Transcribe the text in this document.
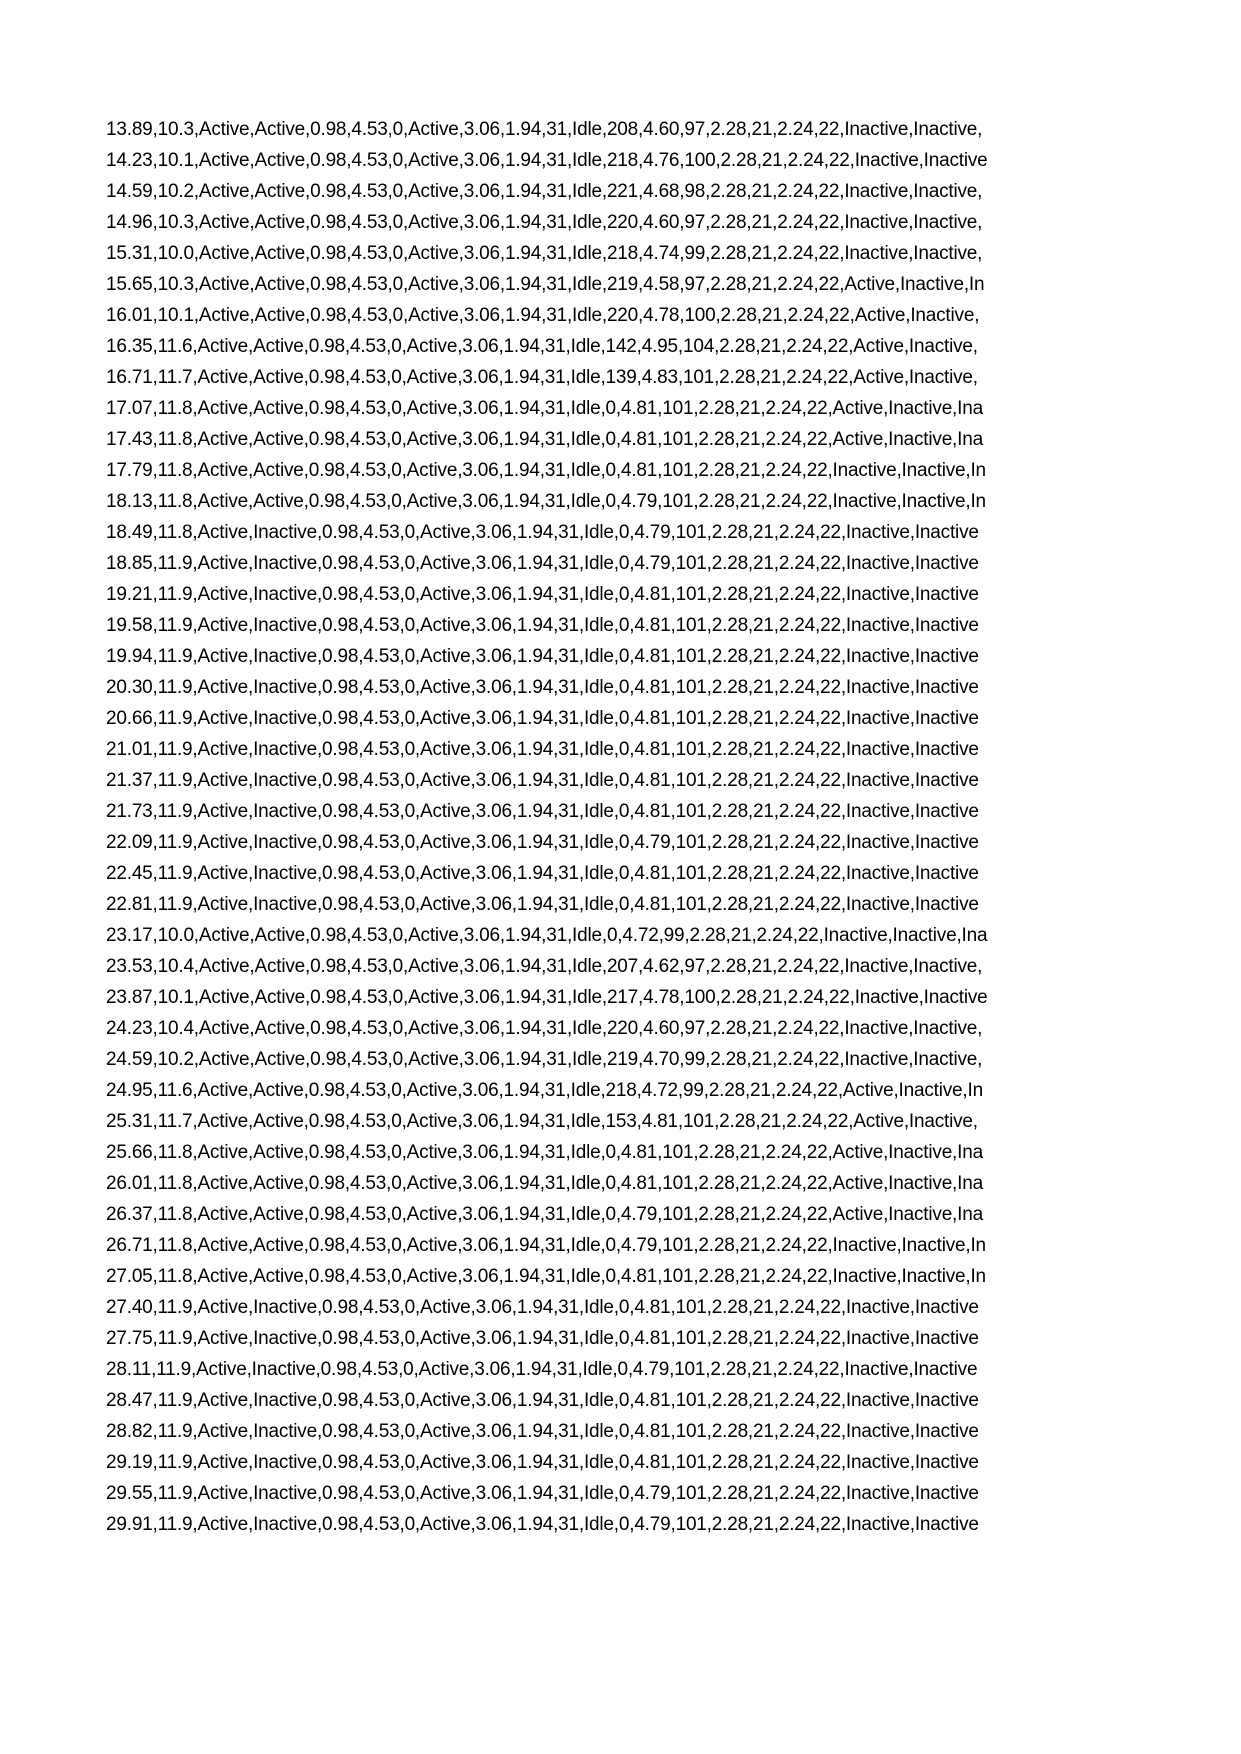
13.89,10.3,Active,Active,0.98,4.53,0,Active,3.06,1.94,31,Idle,208,4.60,97,2.28,21,2.24,22,Inactive,Inactive,
14.23,10.1,Active,Active,0.98,4.53,0,Active,3.06,1.94,31,Idle,218,4.76,100,2.28,21,2.24,22,Inactive,Inactive
14.59,10.2,Active,Active,0.98,4.53,0,Active,3.06,1.94,31,Idle,221,4.68,98,2.28,21,2.24,22,Inactive,Inactive,
14.96,10.3,Active,Active,0.98,4.53,0,Active,3.06,1.94,31,Idle,220,4.60,97,2.28,21,2.24,22,Inactive,Inactive,
15.31,10.0,Active,Active,0.98,4.53,0,Active,3.06,1.94,31,Idle,218,4.74,99,2.28,21,2.24,22,Inactive,Inactive,
15.65,10.3,Active,Active,0.98,4.53,0,Active,3.06,1.94,31,Idle,219,4.58,97,2.28,21,2.24,22,Active,Inactive,In
16.01,10.1,Active,Active,0.98,4.53,0,Active,3.06,1.94,31,Idle,220,4.78,100,2.28,21,2.24,22,Active,Inactive,
16.35,11.6,Active,Active,0.98,4.53,0,Active,3.06,1.94,31,Idle,142,4.95,104,2.28,21,2.24,22,Active,Inactive,
16.71,11.7,Active,Active,0.98,4.53,0,Active,3.06,1.94,31,Idle,139,4.83,101,2.28,21,2.24,22,Active,Inactive,
17.07,11.8,Active,Active,0.98,4.53,0,Active,3.06,1.94,31,Idle,0,4.81,101,2.28,21,2.24,22,Active,Inactive,Ina
17.43,11.8,Active,Active,0.98,4.53,0,Active,3.06,1.94,31,Idle,0,4.81,101,2.28,21,2.24,22,Active,Inactive,Ina
17.79,11.8,Active,Active,0.98,4.53,0,Active,3.06,1.94,31,Idle,0,4.81,101,2.28,21,2.24,22,Inactive,Inactive,In
18.13,11.8,Active,Active,0.98,4.53,0,Active,3.06,1.94,31,Idle,0,4.79,101,2.28,21,2.24,22,Inactive,Inactive,In
18.49,11.8,Active,Inactive,0.98,4.53,0,Active,3.06,1.94,31,Idle,0,4.79,101,2.28,21,2.24,22,Inactive,Inactive
18.85,11.9,Active,Inactive,0.98,4.53,0,Active,3.06,1.94,31,Idle,0,4.79,101,2.28,21,2.24,22,Inactive,Inactive
19.21,11.9,Active,Inactive,0.98,4.53,0,Active,3.06,1.94,31,Idle,0,4.81,101,2.28,21,2.24,22,Inactive,Inactive
19.58,11.9,Active,Inactive,0.98,4.53,0,Active,3.06,1.94,31,Idle,0,4.81,101,2.28,21,2.24,22,Inactive,Inactive
19.94,11.9,Active,Inactive,0.98,4.53,0,Active,3.06,1.94,31,Idle,0,4.81,101,2.28,21,2.24,22,Inactive,Inactive
20.30,11.9,Active,Inactive,0.98,4.53,0,Active,3.06,1.94,31,Idle,0,4.81,101,2.28,21,2.24,22,Inactive,Inactive
20.66,11.9,Active,Inactive,0.98,4.53,0,Active,3.06,1.94,31,Idle,0,4.81,101,2.28,21,2.24,22,Inactive,Inactive
21.01,11.9,Active,Inactive,0.98,4.53,0,Active,3.06,1.94,31,Idle,0,4.81,101,2.28,21,2.24,22,Inactive,Inactive
21.37,11.9,Active,Inactive,0.98,4.53,0,Active,3.06,1.94,31,Idle,0,4.81,101,2.28,21,2.24,22,Inactive,Inactive
21.73,11.9,Active,Inactive,0.98,4.53,0,Active,3.06,1.94,31,Idle,0,4.81,101,2.28,21,2.24,22,Inactive,Inactive
22.09,11.9,Active,Inactive,0.98,4.53,0,Active,3.06,1.94,31,Idle,0,4.79,101,2.28,21,2.24,22,Inactive,Inactive
22.45,11.9,Active,Inactive,0.98,4.53,0,Active,3.06,1.94,31,Idle,0,4.81,101,2.28,21,2.24,22,Inactive,Inactive
22.81,11.9,Active,Inactive,0.98,4.53,0,Active,3.06,1.94,31,Idle,0,4.81,101,2.28,21,2.24,22,Inactive,Inactive
23.17,10.0,Active,Active,0.98,4.53,0,Active,3.06,1.94,31,Idle,0,4.72,99,2.28,21,2.24,22,Inactive,Inactive,Ina
23.53,10.4,Active,Active,0.98,4.53,0,Active,3.06,1.94,31,Idle,207,4.62,97,2.28,21,2.24,22,Inactive,Inactive,
23.87,10.1,Active,Active,0.98,4.53,0,Active,3.06,1.94,31,Idle,217,4.78,100,2.28,21,2.24,22,Inactive,Inactive
24.23,10.4,Active,Active,0.98,4.53,0,Active,3.06,1.94,31,Idle,220,4.60,97,2.28,21,2.24,22,Inactive,Inactive,
24.59,10.2,Active,Active,0.98,4.53,0,Active,3.06,1.94,31,Idle,219,4.70,99,2.28,21,2.24,22,Inactive,Inactive,
24.95,11.6,Active,Active,0.98,4.53,0,Active,3.06,1.94,31,Idle,218,4.72,99,2.28,21,2.24,22,Active,Inactive,In
25.31,11.7,Active,Active,0.98,4.53,0,Active,3.06,1.94,31,Idle,153,4.81,101,2.28,21,2.24,22,Active,Inactive,
25.66,11.8,Active,Active,0.98,4.53,0,Active,3.06,1.94,31,Idle,0,4.81,101,2.28,21,2.24,22,Active,Inactive,Ina
26.01,11.8,Active,Active,0.98,4.53,0,Active,3.06,1.94,31,Idle,0,4.81,101,2.28,21,2.24,22,Active,Inactive,Ina
26.37,11.8,Active,Active,0.98,4.53,0,Active,3.06,1.94,31,Idle,0,4.79,101,2.28,21,2.24,22,Active,Inactive,Ina
26.71,11.8,Active,Active,0.98,4.53,0,Active,3.06,1.94,31,Idle,0,4.79,101,2.28,21,2.24,22,Inactive,Inactive,In
27.05,11.8,Active,Active,0.98,4.53,0,Active,3.06,1.94,31,Idle,0,4.81,101,2.28,21,2.24,22,Inactive,Inactive,In
27.40,11.9,Active,Inactive,0.98,4.53,0,Active,3.06,1.94,31,Idle,0,4.81,101,2.28,21,2.24,22,Inactive,Inactive
27.75,11.9,Active,Inactive,0.98,4.53,0,Active,3.06,1.94,31,Idle,0,4.81,101,2.28,21,2.24,22,Inactive,Inactive
28.11,11.9,Active,Inactive,0.98,4.53,0,Active,3.06,1.94,31,Idle,0,4.79,101,2.28,21,2.24,22,Inactive,Inactive
28.47,11.9,Active,Inactive,0.98,4.53,0,Active,3.06,1.94,31,Idle,0,4.81,101,2.28,21,2.24,22,Inactive,Inactive
28.82,11.9,Active,Inactive,0.98,4.53,0,Active,3.06,1.94,31,Idle,0,4.81,101,2.28,21,2.24,22,Inactive,Inactive
29.19,11.9,Active,Inactive,0.98,4.53,0,Active,3.06,1.94,31,Idle,0,4.81,101,2.28,21,2.24,22,Inactive,Inactive
29.55,11.9,Active,Inactive,0.98,4.53,0,Active,3.06,1.94,31,Idle,0,4.79,101,2.28,21,2.24,22,Inactive,Inactive
29.91,11.9,Active,Inactive,0.98,4.53,0,Active,3.06,1.94,31,Idle,0,4.79,101,2.28,21,2.24,22,Inactive,Inactive
